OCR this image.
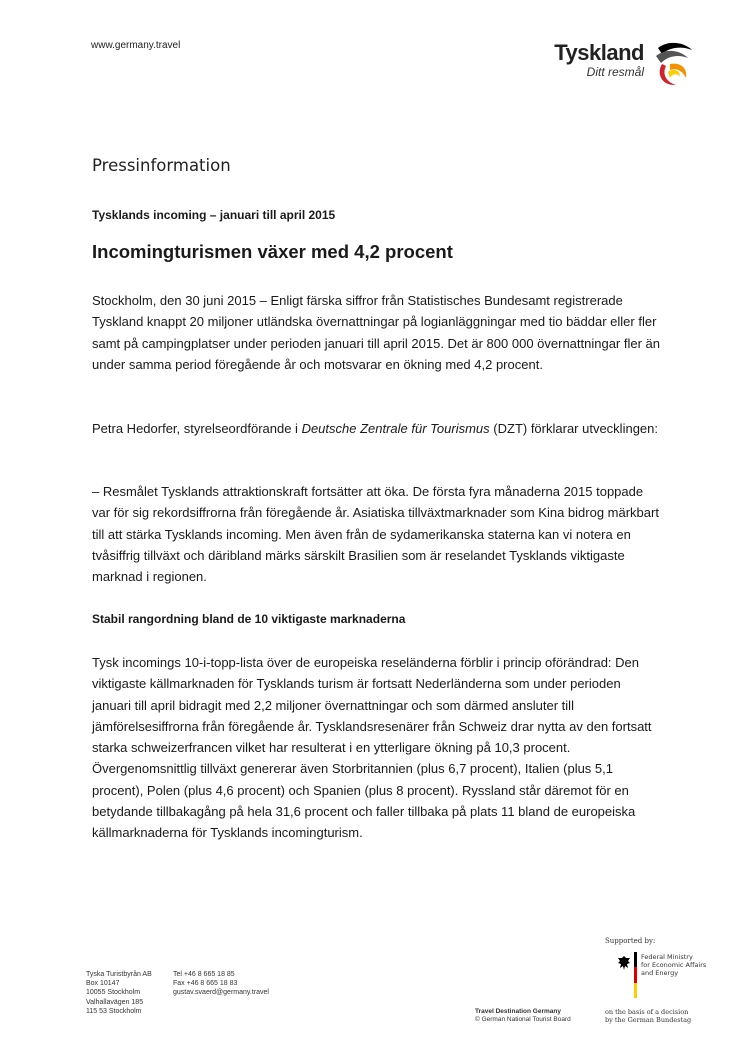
www.germany.travel	Tyskland
Ditt resmål
Pressinformation
Tysklands incoming – januari till april 2015
Incomingturismen växer med 4,2 procent
Stockholm, den 30 juni 2015 – Enligt färska siffror från Statistisches Bundesamt registrerade Tyskland knappt 20 miljoner utländska övernattningar på logianläggningar med tio bäddar eller fler samt på campingplatser under perioden januari till april 2015. Det är 800 000 övernattningar fler än under samma period föregående år och motsvarar en ökning med 4,2 procent.
Petra Hedorfer, styrelseordförande i Deutsche Zentrale für Tourismus (DZT) förklarar utvecklingen:
– Resmålet Tysklands attraktionskraft fortsätter att öka. De första fyra månaderna 2015 toppade var för sig rekordsiffrorna från föregående år. Asiatiska tillväxtmarknader som Kina bidrog märkbart till att stärka Tysklands incoming. Men även från de sydamerikanska staterna kan vi notera en tvåsiffrig tillväxt och däribland märks särskilt Brasilien som är reselandet Tysklands viktigaste marknad i regionen.
Stabil rangordning bland de 10 viktigaste marknaderna
Tysk incomings 10-i-topp-lista över de europeiska reseländerna förblir i princip oförändrad: Den viktigaste källmarknaden för Tysklands turism är fortsatt Nederländerna som under perioden januari till april bidragit med 2,2 miljoner övernattningar och som därmed ansluter till jämförelsesiffrorna från föregående år. Tysklandsresenärer från Schweiz drar nytta av den fortsatt starka schweizerfrancen vilket har resulterat i en ytterligare ökning på 10,3 procent. Övergenomsnittlig tillväxt genererar även Storbritannien (plus 6,7 procent), Italien (plus 5,1 procent), Polen (plus 4,6 procent) och Spanien (plus 8 procent). Ryssland står däremot för en betydande tillbakagång på hela 31,6 procent och faller tillbaka på plats 11 bland de europeiska källmarknaderna för Tysklands incomingturism.
Tyska Turistbyrån AB
Box 10147
10055 Stockholm
Valhallavägen 185
115 53 Stockholm
Tel +46 8 665 18 85
Fax +46 8 665 18 83
gustav.svaerd@germany.travel
Supported by:
Federal Ministry
for Economic Affairs
and Energy
Travel Destination Germany
© German National Tourist Board
on the basis of a decision
by the German Bundestag
